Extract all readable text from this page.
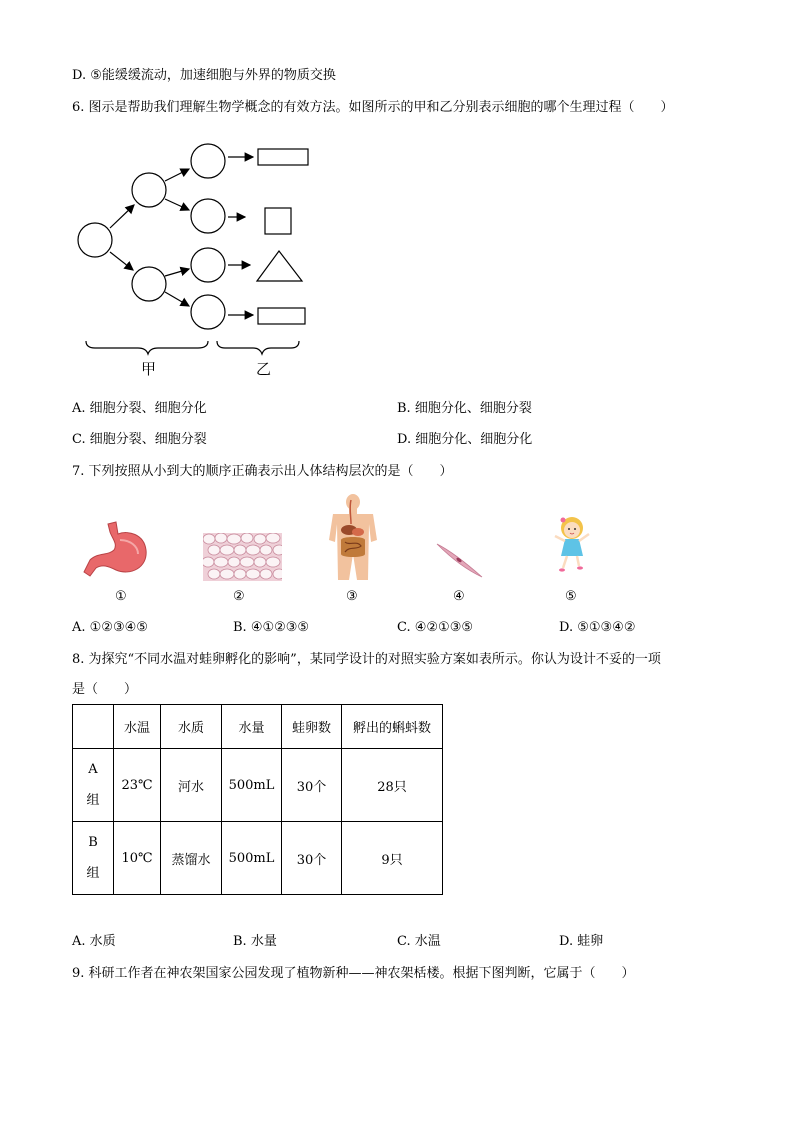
D. ⑤能缓缓流动，加速细胞与外界的物质交换
6. 图示是帮助我们理解生物学概念的有效方法。如图所示的甲和乙分别表示细胞的哪个生理过程（　　）
甲	乙
A. 细胞分裂、细胞分化	B. 细胞分化、细胞分裂
C. 细胞分裂、细胞分裂	D. 细胞分化、细胞分化
7. 下列按照从小到大的顺序正确表示出人体结构层次的是（　　）
①	②	③	④	⑤
A. ①②③④⑤	B. ④①②③⑤	C. ④②①③⑤	D. ⑤①③④②
8. 为探究“不同水温对蛙卵孵化的影响”，某同学设计的对照实验方案如表所示。你认为设计不妥的一项
是（　　）
	水温	水质	水量	蛙卵数	孵出的蝌蚪数

A
组	23℃	河水	500mL	30个	28只

B
组	10℃	蒸馏水	500mL	30个	9只
A. 水质	B. 水量	C. 水温	D. 蛙卵
9. 科研工作者在神农架国家公园发现了植物新种——神农架栝楼。根据下图判断，它属于（　　）
